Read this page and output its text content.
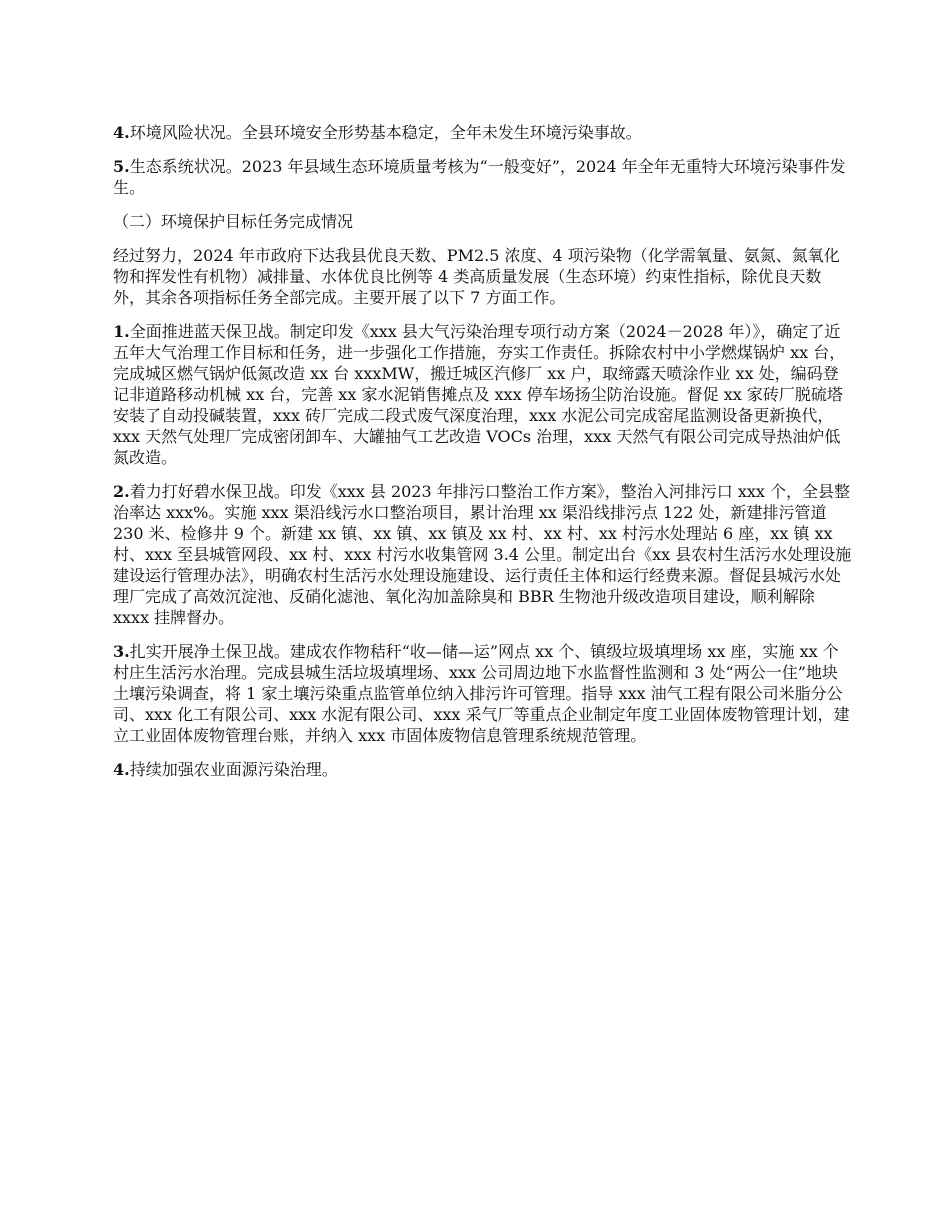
4.环境风险状况。全县环境安全形势基本稳定，全年未发生环境污染事故。

5.生态系统状况。2023 年县域生态环境质量考核为“一般变好”，2024 年全年无重特大环境污染事件发生。

（二）环境保护目标任务完成情况

经过努力，2024 年市政府下达我县优良天数、PM2.5 浓度、4 项污染物（化学需氧量、氨氮、氮氧化物和挥发性有机物）减排量、水体优良比例等 4 类高质量发展（生态环境）约束性指标，除优良天数外，其余各项指标任务全部完成。主要开展了以下 7 方面工作。

1.全面推进蓝天保卫战。制定印发《xxx 县大气污染治理专项行动方案（2024－2028 年）》，确定了近五年大气治理工作目标和任务，进一步强化工作措施，夯实工作责任。拆除农村中小学燃煤锅炉 xx 台，完成城区燃气锅炉低氮改造 xx 台 xxxMW，搬迁城区汽修厂 xx 户，取缔露天喷涂作业 xx 处，编码登记非道路移动机械 xx 台，完善 xx 家水泥销售摊点及 xxx 停车场扬尘防治设施。督促 xx 家砖厂脱硫塔安装了自动投碱装置，xxx 砖厂完成二段式废气深度治理，xxx 水泥公司完成窑尾监测设备更新换代，xxx 天然气处理厂完成密闭卸车、大罐抽气工艺改造 VOCs 治理，xxx 天然气有限公司完成导热油炉低氮改造。

2.着力打好碧水保卫战。印发《xxx 县 2023 年排污口整治工作方案》，整治入河排污口 xxx 个，全县整治率达 xxx%。实施 xxx 渠沿线污水口整治项目，累计治理 xx 渠沿线排污点 122 处，新建排污管道 230 米、检修井 9 个。新建 xx 镇、xx 镇、xx 镇及 xx 村、xx 村、xx 村污水处理站 6 座，xx 镇 xx 村、xxx 至县城管网段、xx 村、xxx 村污水收集管网 3.4 公里。制定出台《xx 县农村生活污水处理设施建设运行管理办法》，明确农村生活污水处理设施建设、运行责任主体和运行经费来源。督促县城污水处理厂完成了高效沉淀池、反硝化滤池、氧化沟加盖除臭和 BBR 生物池升级改造项目建设，顺利解除 xxxx 挂牌督办。

3.扎实开展净土保卫战。建成农作物秸秆“收—储—运”网点 xx 个、镇级垃圾填埋场 xx 座，实施 xx 个村庄生活污水治理。完成县城生活垃圾填埋场、xxx 公司周边地下水监督性监测和 3 处“两公一住”地块土壤污染调查，将 1 家土壤污染重点监管单位纳入排污许可管理。指导 xxx 油气工程有限公司米脂分公司、xxx 化工有限公司、xxx 水泥有限公司、xxx 采气厂等重点企业制定年度工业固体废物管理计划，建立工业固体废物管理台账，并纳入 xxx 市固体废物信息管理系统规范管理。

4.持续加强农业面源污染治理。
